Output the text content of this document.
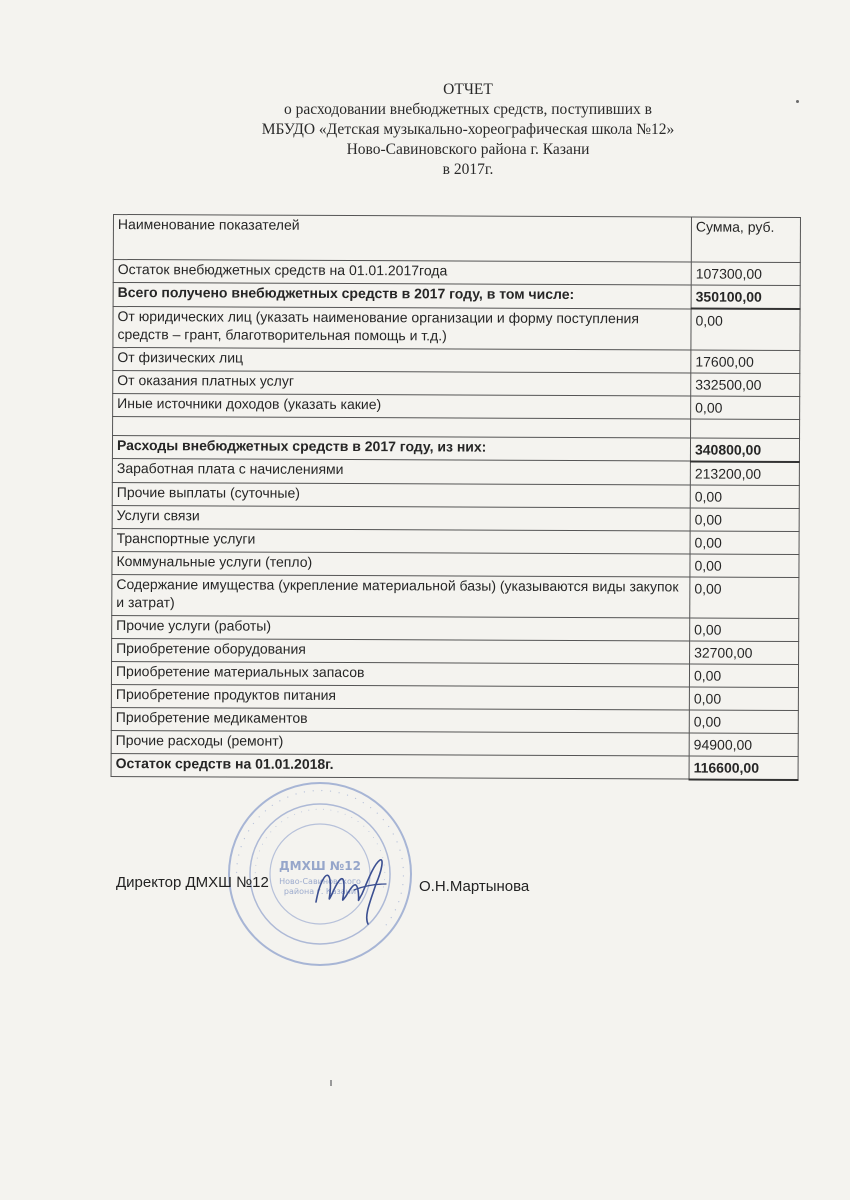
ОТЧЕТ
о расходовании внебюджетных средств, поступивших в
МБУДО «Детская музыкально-хореографическая школа №12»
Ново-Савиновского района г. Казани
в 2017г.
Наименование показателей	Сумма, руб.
Остаток внебюджетных средств на 01.01.2017года	107300,00
Всего получено внебюджетных средств в 2017 году, в том числе:	350100,00
От юридических лиц (указать наименование организации и форму поступления средств – грант, благотворительная помощь и т.д.)	0,00
От физических лиц	17600,00
От оказания платных услуг	332500,00
Иные источники доходов (указать какие)	0,00

Расходы внебюджетных средств в 2017 году, из них:	340800,00
Заработная плата с начислениями	213200,00
Прочие выплаты (суточные)	0,00
Услуги связи	0,00
Транспортные услуги	0,00
Коммунальные услуги (тепло)	0,00
Содержание имущества (укрепление материальной базы) (указываются виды закупок и затрат)	0,00
Прочие услуги (работы)	0,00
Приобретение оборудования	32700,00
Приобретение материальных запасов	0,00
Приобретение продуктов питания	0,00
Приобретение медикаментов	0,00
Прочие расходы (ремонт)	94900,00
Остаток средств на 01.01.2018г.	116600,00
· · · · · · · · · · · · · · · · · · · · · · · · · · · · · · · · · · · · ·
· · · · · · · · · · · · · · · · · · · · · · · · · · · · · ·
ДМХШ №12
Ново-Савиновского
района г. Казани
Директор ДМХШ №12	О.Н.Мартынова
